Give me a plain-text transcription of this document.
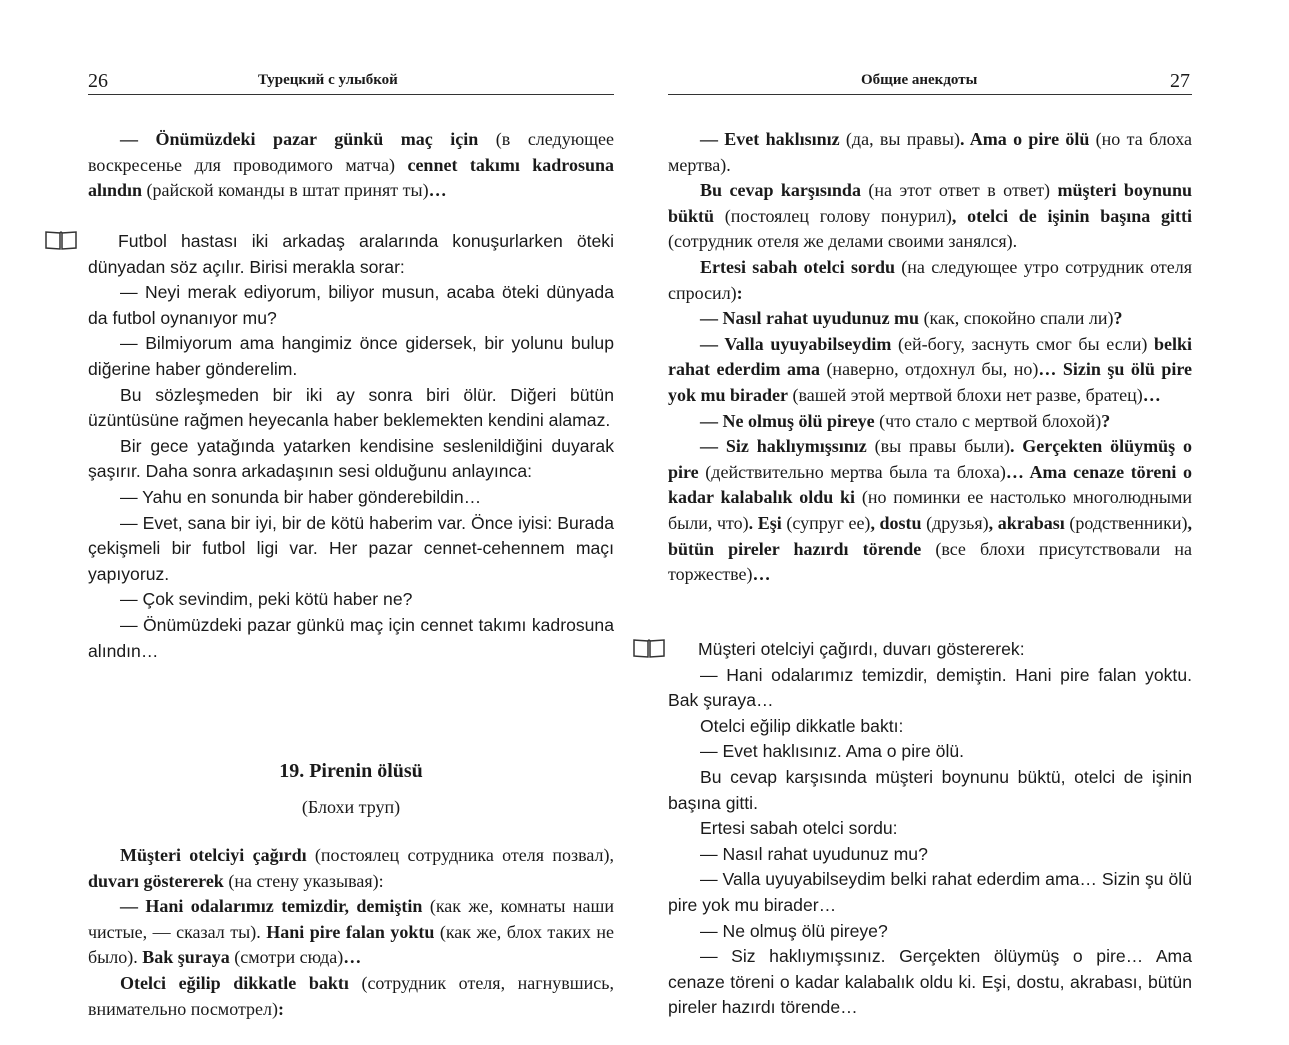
26	Турецкий с улыбкой

— Önümüzdeki pazar günkü maç için (в следующее воскресенье для проводимого матча) cennet takımı kadrosuna alındın (райской команды в штат принят ты)…

Futbol hastası iki arkadaş aralarında konuşurlarken öteki dünyadan söz açılır. Birisi merakla sorar:

— Neyi merak ediyorum, biliyor musun, acaba öteki dünyada da futbol oynanıyor mu?

— Bilmiyorum ama hangimiz önce gidersek, bir yolunu bulup diğerine haber gönderelim.

Bu sözleşmeden bir iki ay sonra biri ölür. Diğeri bütün üzüntüsüne rağmen heyecanla haber beklemekten kendini alamaz.

Bir gece yatağında yatarken kendisine seslenildiğini duyarak şaşırır. Daha sonra arkadaşının sesi olduğunu anlayınca:

— Yahu en sonunda bir haber gönderebildin…

— Evet, sana bir iyi, bir de kötü haberim var. Önce iyisi: Burada çekişmeli bir futbol ligi var. Her pazar cennet-cehennem maçı yapıyoruz.

— Çok sevindim, peki kötü haber ne?

— Önümüzdeki pazar günkü maç için cennet takımı kadrosuna alındın…

19. Pirenin ölüsü

(Блохи труп)

Müşteri otelciyi çağırdı (постоялец сотрудника отеля позвал), duvarı göstererek (на стену указывая):

— Hani odalarımız temizdir, demiştin (как же, комнаты наши чистые, — сказал ты). Hani pire falan yoktu (как же, блох таких не было). Bak şuraya (смотри сюда)…

Otelci eğilip dikkatle baktı (сотрудник отеля, нагнувшись, внимательно посмотрел):

Общие анекдоты	27

— Evet haklısınız (да, вы правы). Ama o pire ölü (но та блоха мертва).

Bu cevap karşısında (на этот ответ в ответ) müşteri boynunu büktü (постоялец голову понурил), otelci de işinin başına gitti (сотрудник отеля же делами своими занялся).

Ertesi sabah otelci sordu (на следующее утро сотрудник отеля спросил):

— Nasıl rahat uyudunuz mu (как, спокойно спали ли)?

— Valla uyuyabilseydim (ей-богу, заснуть смог бы если) belki rahat ederdim ama (наверно, отдохнул бы, но)… Sizin şu ölü pire yok mu birader (вашей этой мертвой блохи нет разве, братец)…

— Ne olmuş ölü pireye (что стало с мертвой блохой)?

— Siz haklıymışsınız (вы правы были). Gerçekten ölüymüş o pire (действительно мертва была та блоха)… Ama cenaze töreni o kadar kalabalık oldu ki (но поминки ее настолько многолюдными были, что). Eşi (супруг ее), dostu (друзья), akrabası (родственники), bütün pireler hazırdı törende (все блохи присутствовали на торжестве)…

Müşteri otelciyi çağırdı, duvarı göstererek:

— Hani odalarımız temizdir, demiştin. Hani pire falan yoktu. Bak şuraya…

Otelci eğilip dikkatle baktı:

— Evet haklısınız. Ama o pire ölü.

Bu cevap karşısında müşteri boynunu büktü, otelci de işinin başına gitti.

Ertesi sabah otelci sordu:

— Nasıl rahat uyudunuz mu?

— Valla uyuyabilseydim belki rahat ederdim ama… Sizin şu ölü pire yok mu birader…

— Ne olmuş ölü pireye?

— Siz haklıymışsınız. Gerçekten ölüymüş o pire… Ama cenaze töreni o kadar kalabalık oldu ki. Eşi, dostu, akrabası, bütün pireler hazırdı törende…
